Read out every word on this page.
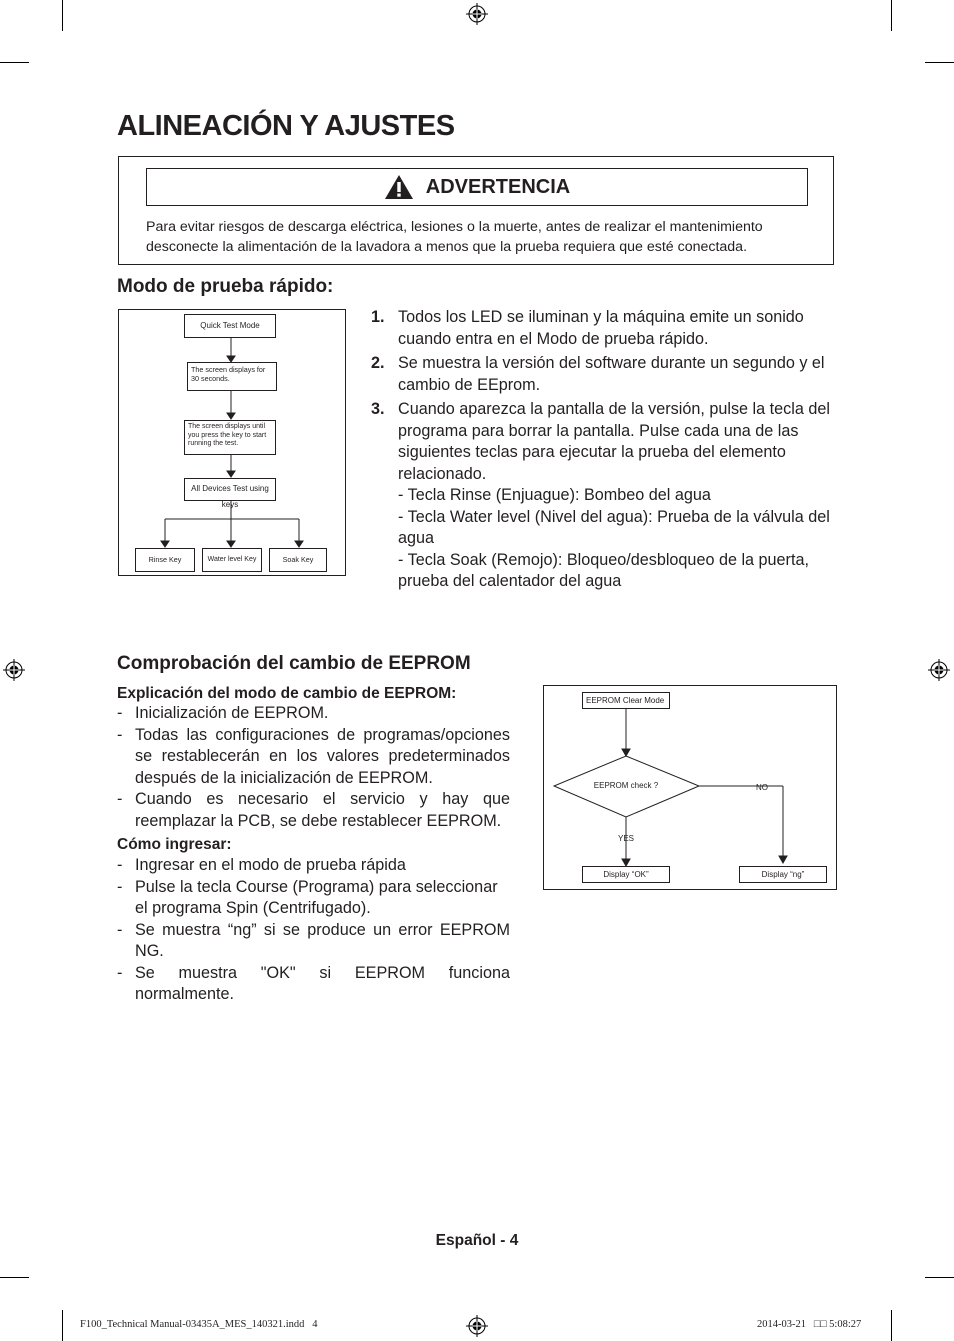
ALINEACIÓN Y AJUSTES
ADVERTENCIA
Para evitar riesgos de descarga eléctrica, lesiones o la muerte, antes de realizar el mantenimiento desconecte la alimentación de la lavadora a menos que la prueba requiera que esté conectada.
Modo de prueba rápido:
Quick Test Mode
The screen displays for 30 seconds.
The screen displays until you press the key to start running the test.
All Devices Test using keys
Rinse Key	Water level Key	Soak Key
1. Todos los LED se iluminan y la máquina emite un sonido cuando entra en el Modo de prueba rápido.
2. Se muestra la versión del software durante un segundo y el cambio de EEprom.
3. Cuando aparezca la pantalla de la versión, pulse la tecla del programa para borrar la pantalla. Pulse cada una de las siguientes teclas para ejecutar la prueba del elemento relacionado.
- Tecla Rinse (Enjuague): Bombeo del agua
- Tecla Water level (Nivel del agua): Prueba de la válvula del agua
- Tecla Soak (Remojo): Bloqueo/desbloqueo de la puerta, prueba del calentador del agua
Comprobación del cambio de EEPROM
Explicación del modo de cambio de EEPROM:
- Inicialización de EEPROM.
- Todas las configuraciones de programas/opciones se restablecerán en los valores predeterminados después de la inicialización de EEPROM.
- Cuando es necesario el servicio y hay que reemplazar la PCB, se debe restablecer EEPROM.
Cómo ingresar:
- Ingresar en el modo de prueba rápida
- Pulse la tecla Course (Programa) para seleccionar el programa Spin (Centrifugado).
- Se muestra “ng” si se produce un error EEPROM NG.
- Se muestra "OK" si EEPROM funciona normalmente.
EEPROM Clear Mode
EEPROM check ?	NO
YES
Display “OK”	Display “ng”
Español - 4
F100_Technical Manual-03435A_MES_140321.indd   4	2014-03-21   □□ 5:08:27
